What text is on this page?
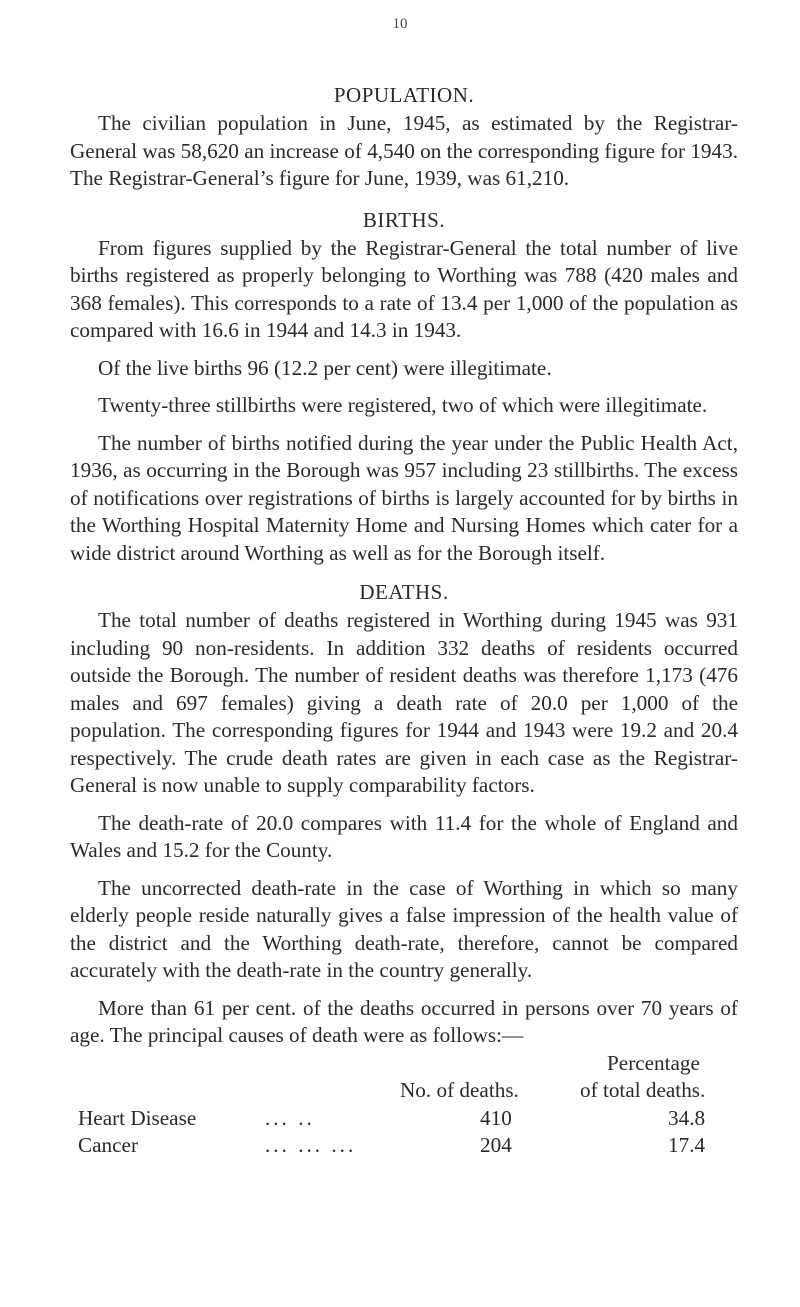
10
POPULATION.

The civilian population in June, 1945, as estimated by the Registrar-General was 58,620 an increase of 4,540 on the corresponding figure for 1943. The Registrar-General’s figure for June, 1939, was 61,210.

BIRTHS.

From figures supplied by the Registrar-General the total number of live births registered as properly belonging to Worthing was 788 (420 males and 368 females). This corresponds to a rate of 13.4 per 1,000 of the population as compared with 16.6 in 1944 and 14.3 in 1943.

Of the live births 96 (12.2 per cent) were illegitimate.

Twenty-three stillbirths were registered, two of which were illegitimate.

The number of births notified during the year under the Public Health Act, 1936, as occurring in the Borough was 957 including 23 stillbirths. The excess of notifications over registrations of births is largely accounted for by births in the Worthing Hospital Maternity Home and Nursing Homes which cater for a wide district around Worthing as well as for the Borough itself.

DEATHS.

The total number of deaths registered in Worthing during 1945 was 931 including 90 non-residents. In addition 332 deaths of residents occurred outside the Borough. The number of resident deaths was therefore 1,173 (476 males and 697 females) giving a death rate of 20.0 per 1,000 of the population. The corresponding figures for 1944 and 1943 were 19.2 and 20.4 respectively. The crude death rates are given in each case as the Registrar-General is now unable to supply comparability factors.

The death-rate of 20.0 compares with 11.4 for the whole of England and Wales and 15.2 for the County.

The uncorrected death-rate in the case of Worthing in which so many elderly people reside naturally gives a false impression of the health value of the district and the Worthing death-rate, therefore, cannot be compared accurately with the death-rate in the country generally.

More than 61 per cent. of the deaths occurred in persons over 70 years of age. The principal causes of death were as follows:—

Percentage
No. of deaths.	of total deaths.
Heart Disease	... ..	410	34.8
Cancer	... ... ...	204	17.4
